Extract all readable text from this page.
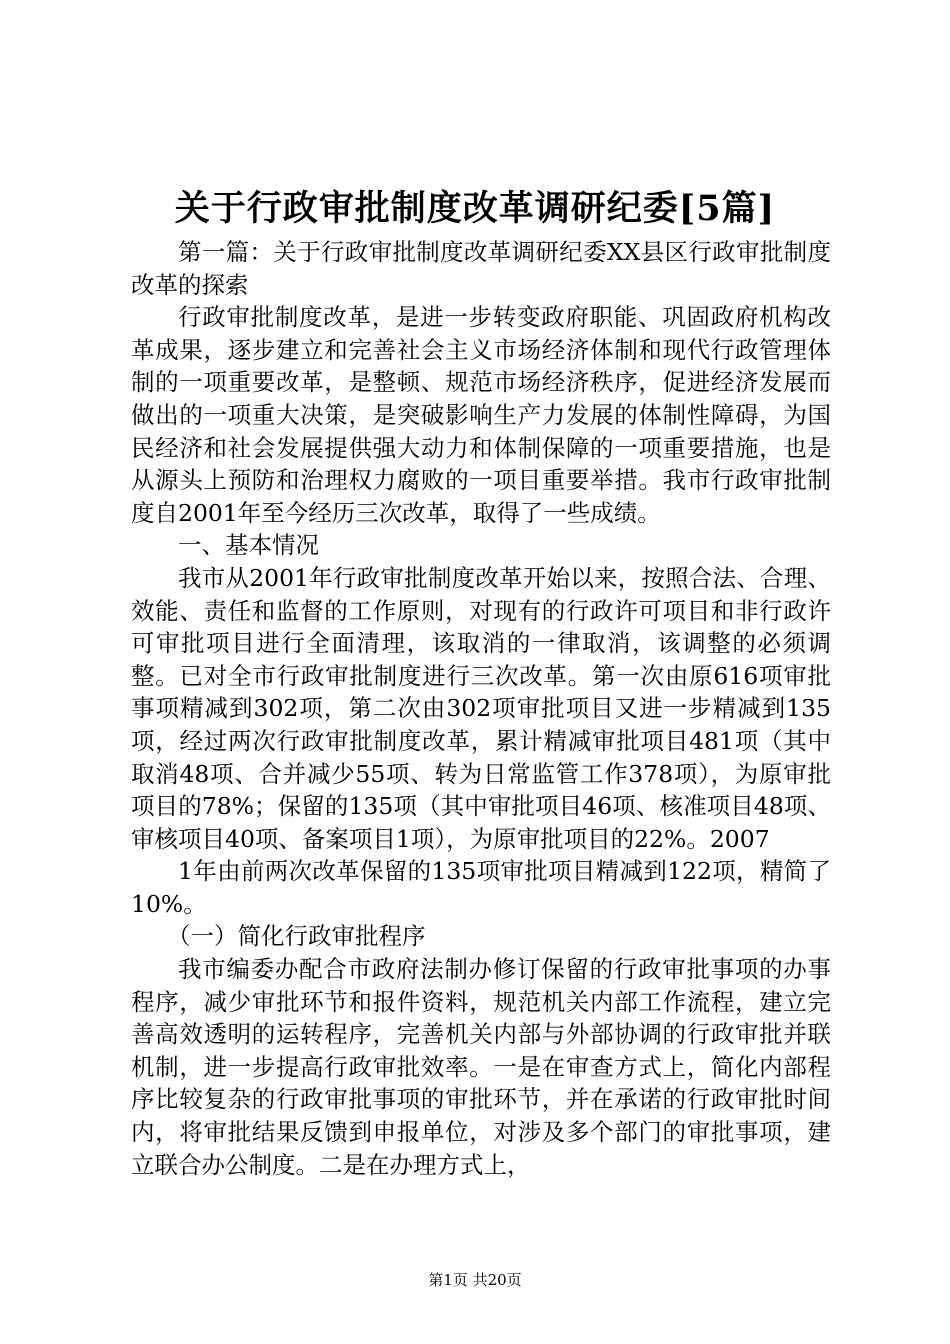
关于行政审批制度改革调研纪委[5篇]

第一篇：关于行政审批制度改革调研纪委XX县区行政审批制度改革的探索

行政审批制度改革，是进一步转变政府职能、巩固政府机构改革成果，逐步建立和完善社会主义市场经济体制和现代行政管理体制的一项重要改革，是整顿、规范市场经济秩序，促进经济发展而做出的一项重大决策，是突破影响生产力发展的体制性障碍，为国民经济和社会发展提供强大动力和体制保障的一项重要措施，也是从源头上预防和治理权力腐败的一项目重要举措。我市行政审批制度自2001年至今经历三次改革，取得了一些成绩。

一、基本情况

我市从2001年行政审批制度改革开始以来，按照合法、合理、效能、责任和监督的工作原则，对现有的行政许可项目和非行政许可审批项目进行全面清理，该取消的一律取消，该调整的必须调整。已对全市行政审批制度进行三次改革。第一次由原616项审批事项精减到302项，第二次由302项审批项目又进一步精减到135项，经过两次行政审批制度改革，累计精减审批项目481项（其中取消48项、合并减少55项、转为日常监管工作378项），为原审批项目的78%；保留的135项（其中审批项目46项、核准项目48项、审核项目40项、备案项目1项），为原审批项目的22%。2007

1年由前两次改革保留的135项审批项目精减到122项，精简了10%。

（一）简化行政审批程序

我市编委办配合市政府法制办修订保留的行政审批事项的办事程序，减少审批环节和报件资料，规范机关内部工作流程，建立完善高效透明的运转程序，完善机关内部与外部协调的行政审批并联机制，进一步提高行政审批效率。一是在审查方式上，简化内部程序比较复杂的行政审批事项的审批环节，并在承诺的行政审批时间内，将审批结果反馈到申报单位，对涉及多个部门的审批事项，建立联合办公制度。二是在办理方式上，

第1页 共20页
